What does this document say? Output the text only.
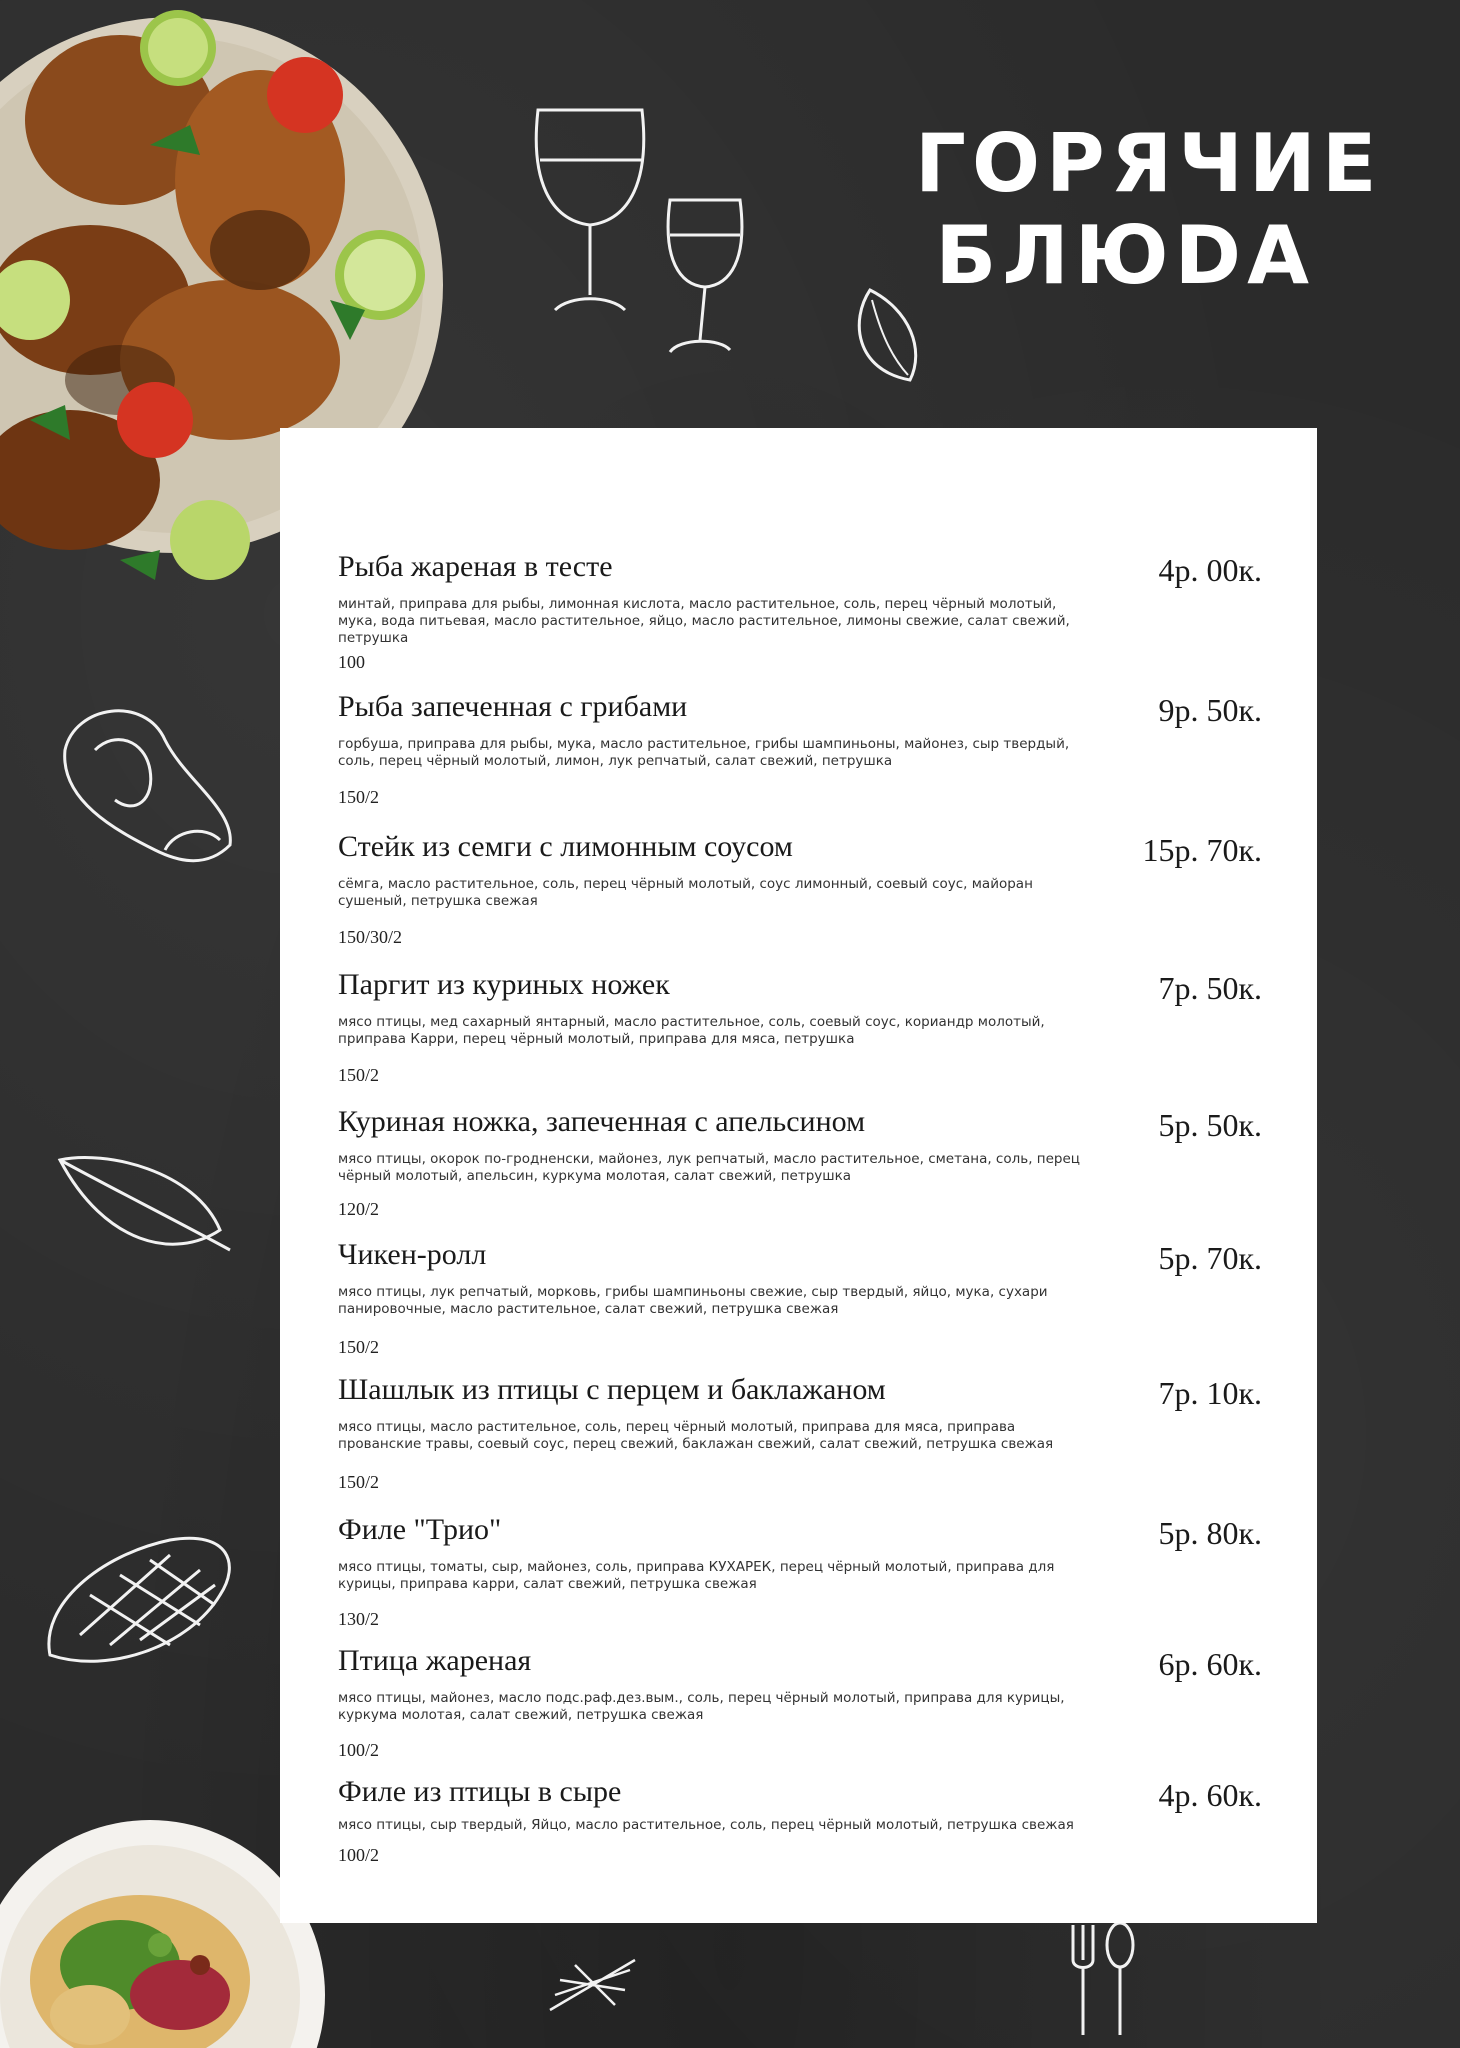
ГОРЯЧИЕ
БЛЮDА
Рыба жареная в тесте	4р. 00к.
минтай, приправа для рыбы, лимонная кислота, масло растительное, соль, перец чёрный молотый, мука, вода питьевая, масло растительное, яйцо, масло растительное, лимоны свежие, салат свежий, петрушка
100
Рыба запеченная с грибами	9р. 50к.
горбуша, приправа для рыбы, мука, масло растительное, грибы шампиньоны, майонез, сыр твердый, соль, перец чёрный молотый, лимон, лук репчатый, салат свежий, петрушка
150/2
Стейк из семги с лимонным соусом	15р. 70к.
сёмга, масло растительное, соль, перец чёрный молотый, соус лимонный, соевый соус, майоран сушеный, петрушка свежая
150/30/2
Паргит из куриных ножек	7р. 50к.
мясо птицы, мед сахарный янтарный, масло растительное, соль, соевый соус, кориандр молотый, приправа Карри, перец чёрный молотый, приправа для мяса, петрушка
150/2
Куриная ножка, запеченная с апельсином	5р. 50к.
мясо птицы, окорок по-гродненски, майонез, лук репчатый, масло растительное, сметана, соль, перец чёрный молотый, апельсин, куркума молотая, салат свежий, петрушка
120/2
Чикен-ролл	5р. 70к.
мясо птицы, лук репчатый, морковь, грибы шампиньоны свежие, сыр твердый, яйцо, мука, сухари панировочные, масло растительное, салат свежий, петрушка свежая
150/2
Шашлык из птицы с перцем и баклажаном	7р. 10к.
мясо птицы, масло растительное, соль, перец чёрный молотый, приправа для мяса, приправа прованские травы, соевый соус, перец свежий, баклажан свежий, салат свежий, петрушка свежая
150/2
Филе "Трио"	5р. 80к.
мясо птицы, томаты, сыр, майонез, соль, приправа КУХАРЕК, перец чёрный молотый, приправа для курицы, приправа карри, салат свежий, петрушка свежая
130/2
Птица жареная	6р. 60к.
мясо птицы, майонез, масло подс.раф.дез.вым., соль, перец чёрный молотый, приправа для курицы, куркума молотая, салат свежий, петрушка свежая
100/2
Филе из птицы в сыре	4р. 60к.
мясо птицы, сыр твердый, Яйцо, масло растительное, соль, перец чёрный молотый, петрушка свежая
100/2
